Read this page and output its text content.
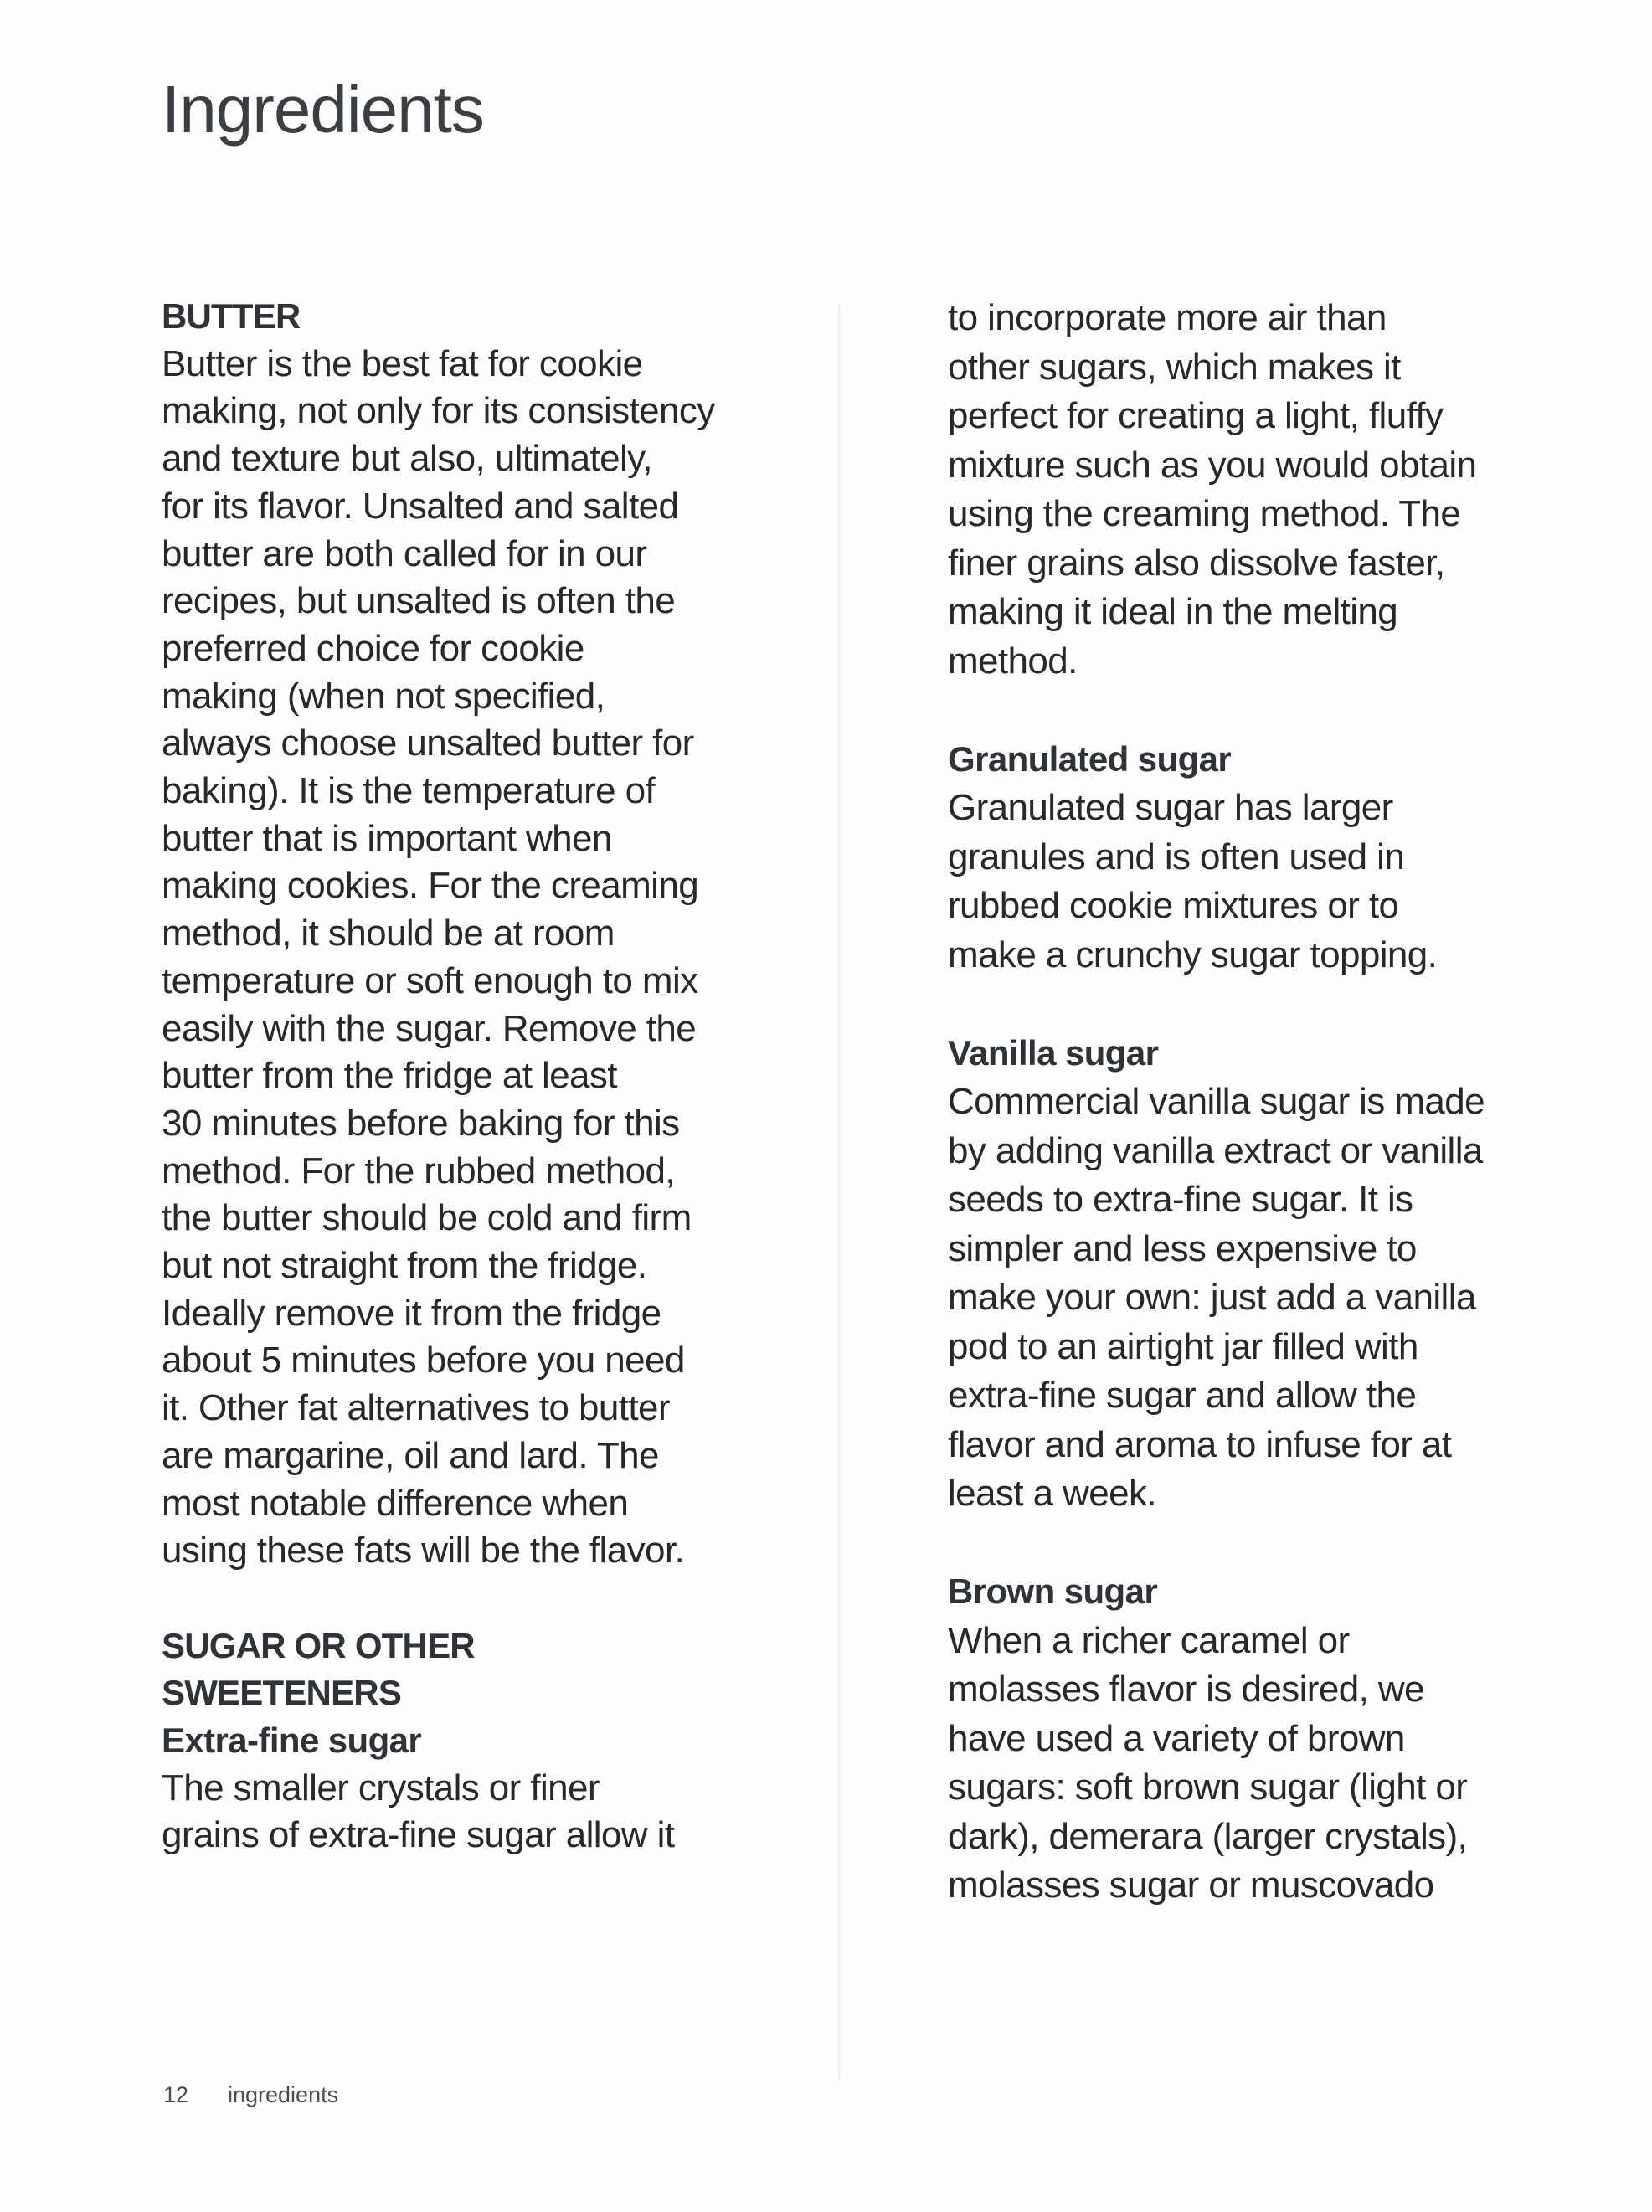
Ingredients
BUTTER
Butter is the best fat for cookie
making, not only for its consistency
and texture but also, ultimately,
for its flavor. Unsalted and salted
butter are both called for in our
recipes, but unsalted is often the
preferred choice for cookie
making (when not specified,
always choose unsalted butter for
baking). It is the temperature of
butter that is important when
making cookies. For the creaming
method, it should be at room
temperature or soft enough to mix
easily with the sugar. Remove the
butter from the fridge at least
30 minutes before baking for this
method. For the rubbed method,
the butter should be cold and firm
but not straight from the fridge.
Ideally remove it from the fridge
about 5 minutes before you need
it. Other fat alternatives to butter
are margarine, oil and lard. The
most notable difference when
using these fats will be the flavor.
SUGAR OR OTHER
SWEETENERS
Extra-fine sugar
The smaller crystals or finer
grains of extra-fine sugar allow it
to incorporate more air than
other sugars, which makes it
perfect for creating a light, fluffy
mixture such as you would obtain
using the creaming method. The
finer grains also dissolve faster,
making it ideal in the melting
method.
Granulated sugar
Granulated sugar has larger
granules and is often used in
rubbed cookie mixtures or to
make a crunchy sugar topping.
Vanilla sugar
Commercial vanilla sugar is made
by adding vanilla extract or vanilla
seeds to extra-fine sugar. It is
simpler and less expensive to
make your own: just add a vanilla
pod to an airtight jar filled with
extra-fine sugar and allow the
flavor and aroma to infuse for at
least a week.
Brown sugar
When a richer caramel or
molasses flavor is desired, we
have used a variety of brown
sugars: soft brown sugar (light or
dark), demerara (larger crystals),
molasses sugar or muscovado
12 ingredients
